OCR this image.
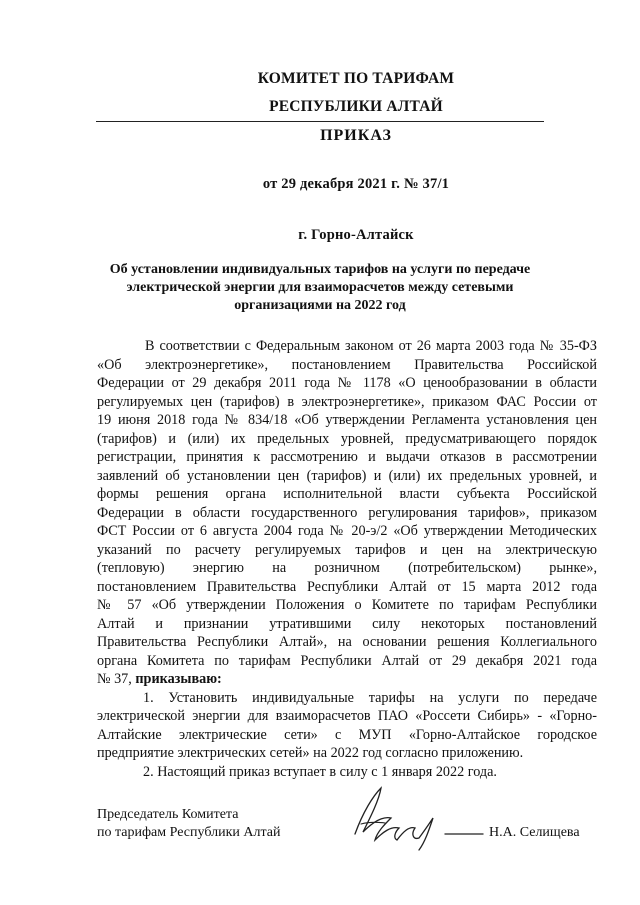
КОМИТЕТ ПО ТАРИФАМ
РЕСПУБЛИКИ АЛТАЙ
ПРИКАЗ
от 29 декабря 2021 г. № 37/1
г. Горно-Алтайск
Об установлении индивидуальных тарифов на услуги по передаче
электрической энергии для взаиморасчетов между сетевыми
организациями на 2022 год
В соответствии с Федеральным законом от 26 марта 2003 года № 35-ФЗ
«Об электроэнергетике», постановлением Правительства Российской
Федерации от 29 декабря 2011 года № 1178 «О ценообразовании в области
регулируемых цен (тарифов) в электроэнергетике», приказом ФАС России от
19 июня 2018 года № 834/18 «Об утверждении Регламента установления цен
(тарифов) и (или) их предельных уровней, предусматривающего порядок
регистрации, принятия к рассмотрению и выдачи отказов в рассмотрении
заявлений об установлении цен (тарифов) и (или) их предельных уровней, и
формы решения органа исполнительной власти субъекта Российской
Федерации в области государственного регулирования тарифов», приказом
ФСТ России от 6 августа 2004 года № 20-э/2 «Об утверждении Методических
указаний по расчету регулируемых тарифов и цен на электрическую
(тепловую) энергию на розничном (потребительском) рынке»,
постановлением Правительства Республики Алтай от 15 марта 2012 года
№ 57 «Об утверждении Положения о Комитете по тарифам Республики
Алтай и признании утратившими силу некоторых постановлений
Правительства Республики Алтай», на основании решения Коллегиального
органа Комитета по тарифам Республики Алтай от 29 декабря 2021 года
№ 37, приказываю:
1. Установить индивидуальные тарифы на услуги по передаче
электрической энергии для взаиморасчетов ПАО «Россети Сибирь» - «Горно-
Алтайские электрические сети» с МУП «Горно-Алтайское городское
предприятие электрических сетей» на 2022 год согласно приложению.
2. Настоящий приказ вступает в силу с 1 января 2022 года.
Председатель Комитета
по тарифам Республики Алтай	Н.А. Селищева
